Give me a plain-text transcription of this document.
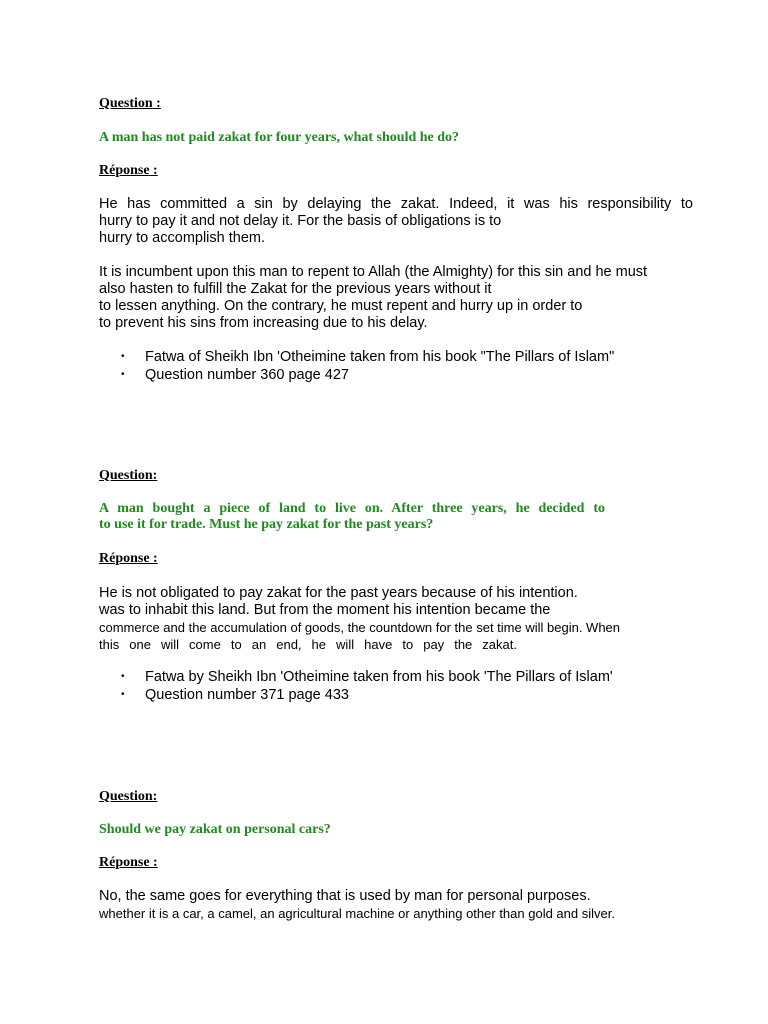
Question :
A man has not paid zakat for four years, what should he do?
Réponse :
He has committed a sin by delaying the zakat. Indeed, it was his responsibility to
hurry to pay it and not delay it. For the basis of obligations is to
hurry to accomplish them.
It is incumbent upon this man to repent to Allah (the Almighty) for this sin and he must
also hasten to fulfill the Zakat for the previous years without it
to lessen anything. On the contrary, he must repent and hurry up in order to
to prevent his sins from increasing due to his delay.
• Fatwa of Sheikh Ibn 'Otheimine taken from his book "The Pillars of Islam"
• Question number 360 page 427
Question:
A man bought a piece of land to live on. After three years, he decided to
to use it for trade. Must he pay zakat for the past years?
Réponse :
He is not obligated to pay zakat for the past years because of his intention.
was to inhabit this land. But from the moment his intention became the
commerce and the accumulation of goods, the countdown for the set time will begin. When
this one will come to an end, he will have to pay the zakat.
• Fatwa by Sheikh Ibn 'Otheimine taken from his book 'The Pillars of Islam'
• Question number 371 page 433
Question:
Should we pay zakat on personal cars?
Réponse :
No, the same goes for everything that is used by man for personal purposes.
whether it is a car, a camel, an agricultural machine or anything other than gold and silver.
